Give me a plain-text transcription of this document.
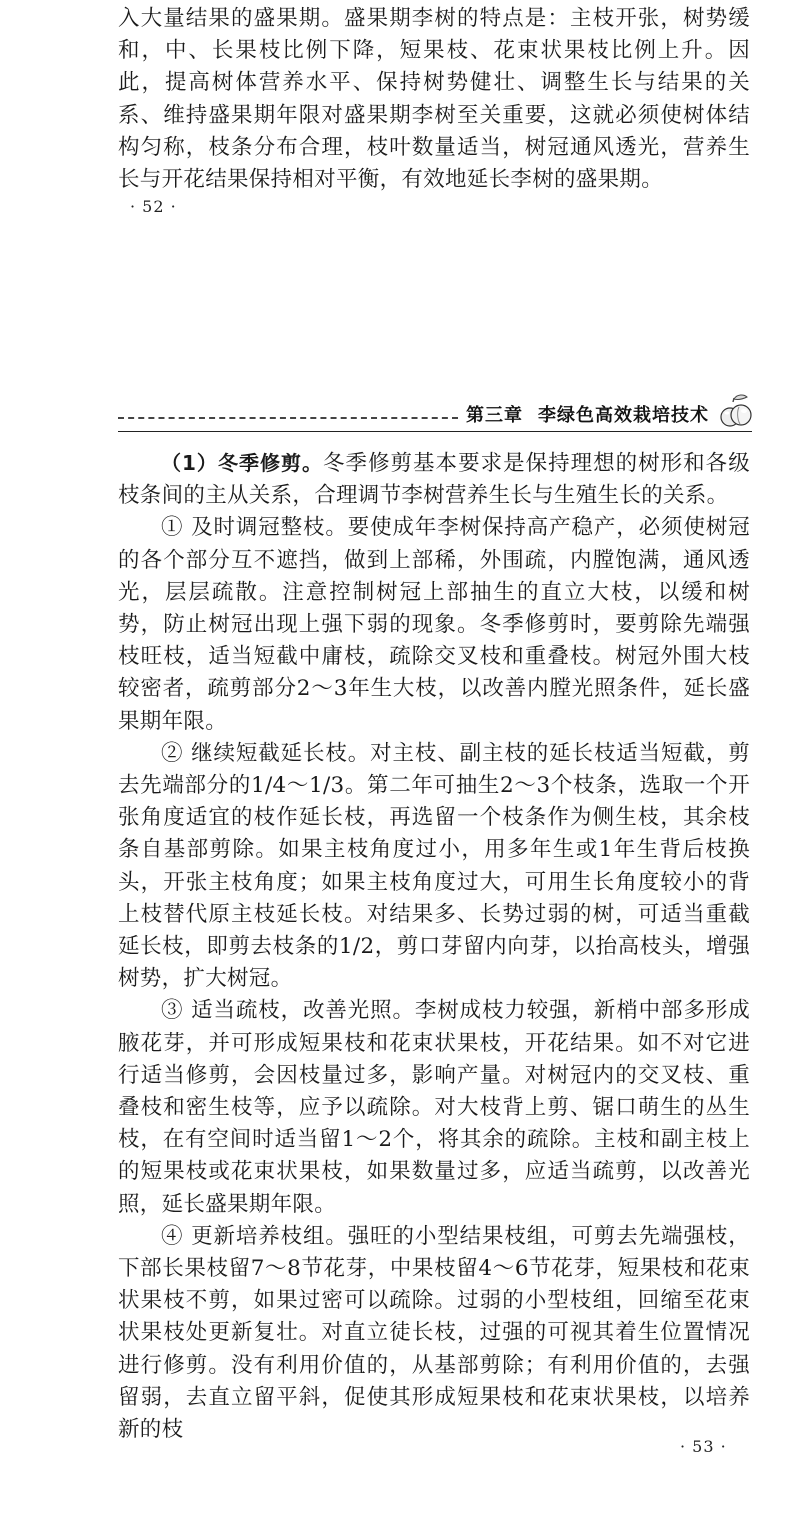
入大量结果的盛果期。盛果期李树的特点是：主枝开张，树势缓和，中、长果枝比例下降，短果枝、花束状果枝比例上升。因此，提高树体营养水平、保持树势健壮、调整生长与结果的关系、维持盛果期年限对盛果期李树至关重要，这就必须使树体结构匀称，枝条分布合理，枝叶数量适当，树冠通风透光，营养生长与开花结果保持相对平衡，有效地延长李树的盛果期。

· 52 ·
第三章 李绿色高效栽培技术

（1）冬季修剪。冬季修剪基本要求是保持理想的树形和各级枝条间的主从关系，合理调节李树营养生长与生殖生长的关系。

① 及时调冠整枝。要使成年李树保持高产稳产，必须使树冠的各个部分互不遮挡，做到上部稀，外围疏，内膛饱满，通风透光，层层疏散。注意控制树冠上部抽生的直立大枝，以缓和树势，防止树冠出现上强下弱的现象。冬季修剪时，要剪除先端强枝旺枝，适当短截中庸枝，疏除交叉枝和重叠枝。树冠外围大枝较密者，疏剪部分2～3年生大枝，以改善内膛光照条件，延长盛果期年限。

② 继续短截延长枝。对主枝、副主枝的延长枝适当短截，剪去先端部分的1/4～1/3。第二年可抽生2～3个枝条，选取一个开张角度适宜的枝作延长枝，再选留一个枝条作为侧生枝，其余枝条自基部剪除。如果主枝角度过小，用多年生或1年生背后枝换头，开张主枝角度；如果主枝角度过大，可用生长角度较小的背上枝替代原主枝延长枝。对结果多、长势过弱的树，可适当重截延长枝，即剪去枝条的1/2，剪口芽留内向芽，以抬高枝头，增强树势，扩大树冠。

③ 适当疏枝，改善光照。李树成枝力较强，新梢中部多形成腋花芽，并可形成短果枝和花束状果枝，开花结果。如不对它进行适当修剪，会因枝量过多，影响产量。对树冠内的交叉枝、重叠枝和密生枝等，应予以疏除。对大枝背上剪、锯口萌生的丛生枝，在有空间时适当留1～2个，将其余的疏除。主枝和副主枝上的短果枝或花束状果枝，如果数量过多，应适当疏剪，以改善光照，延长盛果期年限。

④ 更新培养枝组。强旺的小型结果枝组，可剪去先端强枝，下部长果枝留7～8节花芽，中果枝留4～6节花芽，短果枝和花束状果枝不剪，如果过密可以疏除。过弱的小型枝组，回缩至花束状果枝处更新复壮。对直立徒长枝，过强的可视其着生位置情况进行修剪。没有利用价值的，从基部剪除；有利用价值的，去强留弱，去直立留平斜，促使其形成短果枝和花束状果枝，以培养新的枝

· 53 ·
